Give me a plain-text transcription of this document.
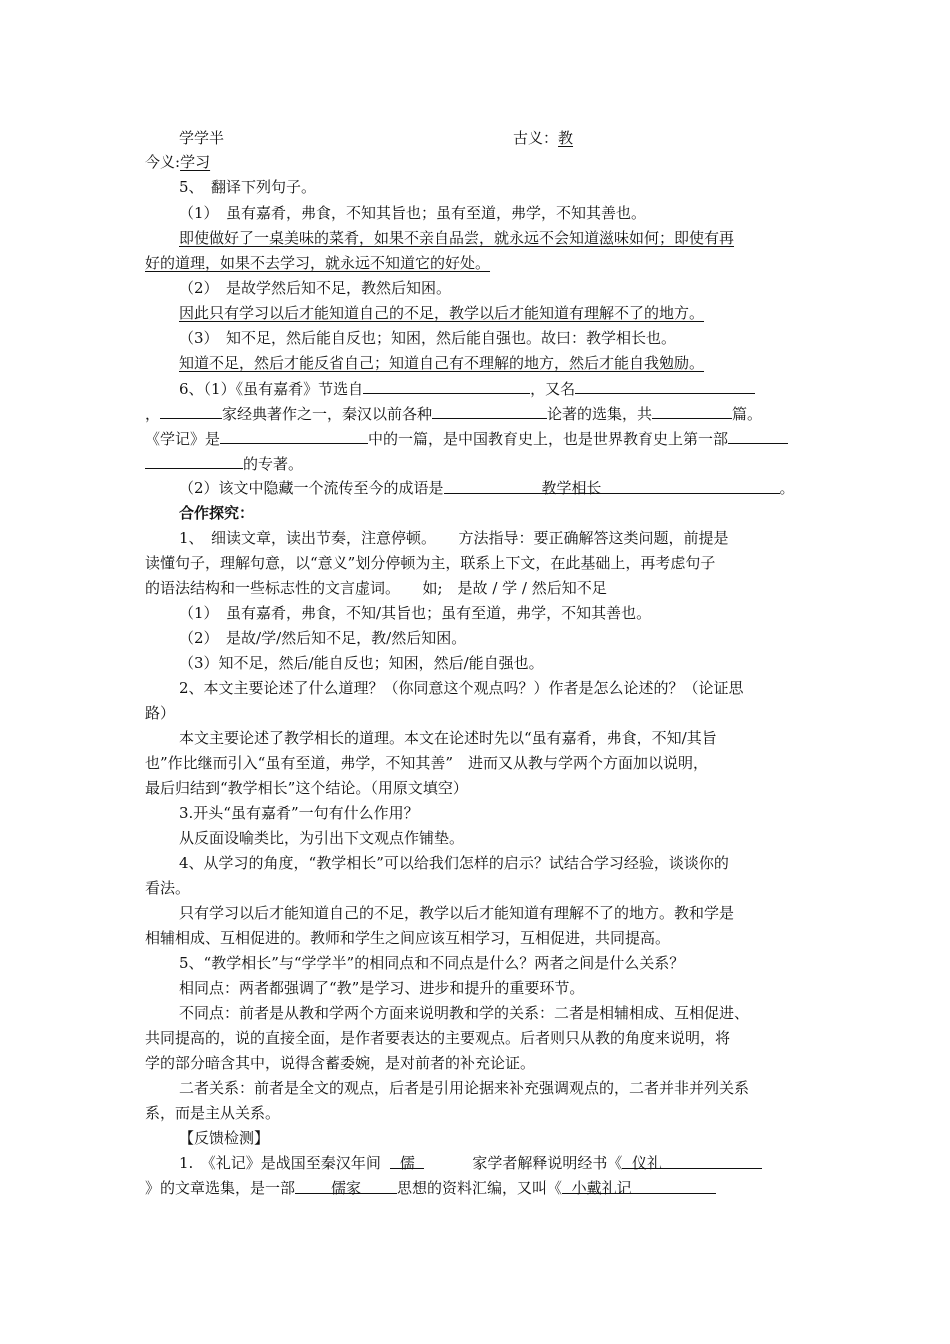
学学半	古义：教
今义:学习
5、　翻译下列句子。
（1）　虽有嘉肴，弗食，不知其旨也；虽有至道，弗学，不知其善也。
即使做好了一桌美味的菜肴，如果不亲自品尝，就永远不会知道滋味如何；即使有再
好的道理，如果不去学习，就永远不知道它的好处。
（2）　是故学然后知不足，教然后知困。
因此只有学习以后才能知道自己的不足，教学以后才能知道有理解不了的地方。
（3）　知不足，然后能自反也；知困，然后能自强也。故曰：教学相长也。
知道不足，然后才能反省自己；知道自己有不理解的地方，然后才能自我勉励。
6、（1）《虽有嘉肴》节选自	，又名
，	家经典著作之一，秦汉以前各种	论著的选集，共	篇。
《学记》是	中的一篇，是中国教育史上，也是世界教育史上第一部
的专著。
（2）该文中隐藏一个流传至今的成语是	教学相长	。
合作探究：
1、　细读文章，读出节奏，注意停顿。　　方法指导：要正确解答这类问题，前提是
读懂句子，理解句意，以“意义”划分停顿为主，联系上下文，在此基础上，再考虑句子
的语法结构和一些标志性的文言虚词。　　如;　是故 / 学 / 然后知不足
（1）　虽有嘉肴，弗食，不知/其旨也；虽有至道，弗学，不知其善也。
（2）　是故/学/然后知不足，教/然后知困。
（3）知不足，然后/能自反也；知困，然后/能自强也。
2、本文主要论述了什么道理？（你同意这个观点吗？）作者是怎么论述的？（论证思
路）
本文主要论述了教学相长的道理。本文在论述时先以“虽有嘉肴，弗食，不知/其旨
也”作比继而引入“虽有至道，弗学，不知其善”　进而又从教与学两个方面加以说明，
最后归结到“教学相长”这个结论。（用原文填空）
3.开头“虽有嘉肴”一句有什么作用？
从反面设喻类比，为引出下文观点作铺垫。
4、从学习的角度，“教学相长”可以给我们怎样的启示？试结合学习经验，谈谈你的
看法。
只有学习以后才能知道自己的不足，教学以后才能知道有理解不了的地方。教和学是
相辅相成、互相促进的。教师和学生之间应该互相学习，互相促进，共同提高。
5、“教学相长”与“学学半”的相同点和不同点是什么？两者之间是什么关系？
相同点：两者都强调了“教”是学习、进步和提升的重要环节。
不同点：前者是从教和学两个方面来说明教和学的关系：二者是相辅相成、互相促进、
共同提高的，说的直接全面，是作者要表达的主要观点。后者则只从教的角度来说明，将
学的部分暗含其中，说得含蓄委婉，是对前者的补充论证。
二者关系：前者是全文的观点，后者是引用论据来补充强调观点的，二者并非并列关系
系，而是主从关系。
【反馈检测】
1.　《礼记》是战国至秦汉年间 儒	家学者解释说明经书《 仪礼
》的文章选集，是一部 儒家 思想的资料汇编，又叫《 小戴礼记
